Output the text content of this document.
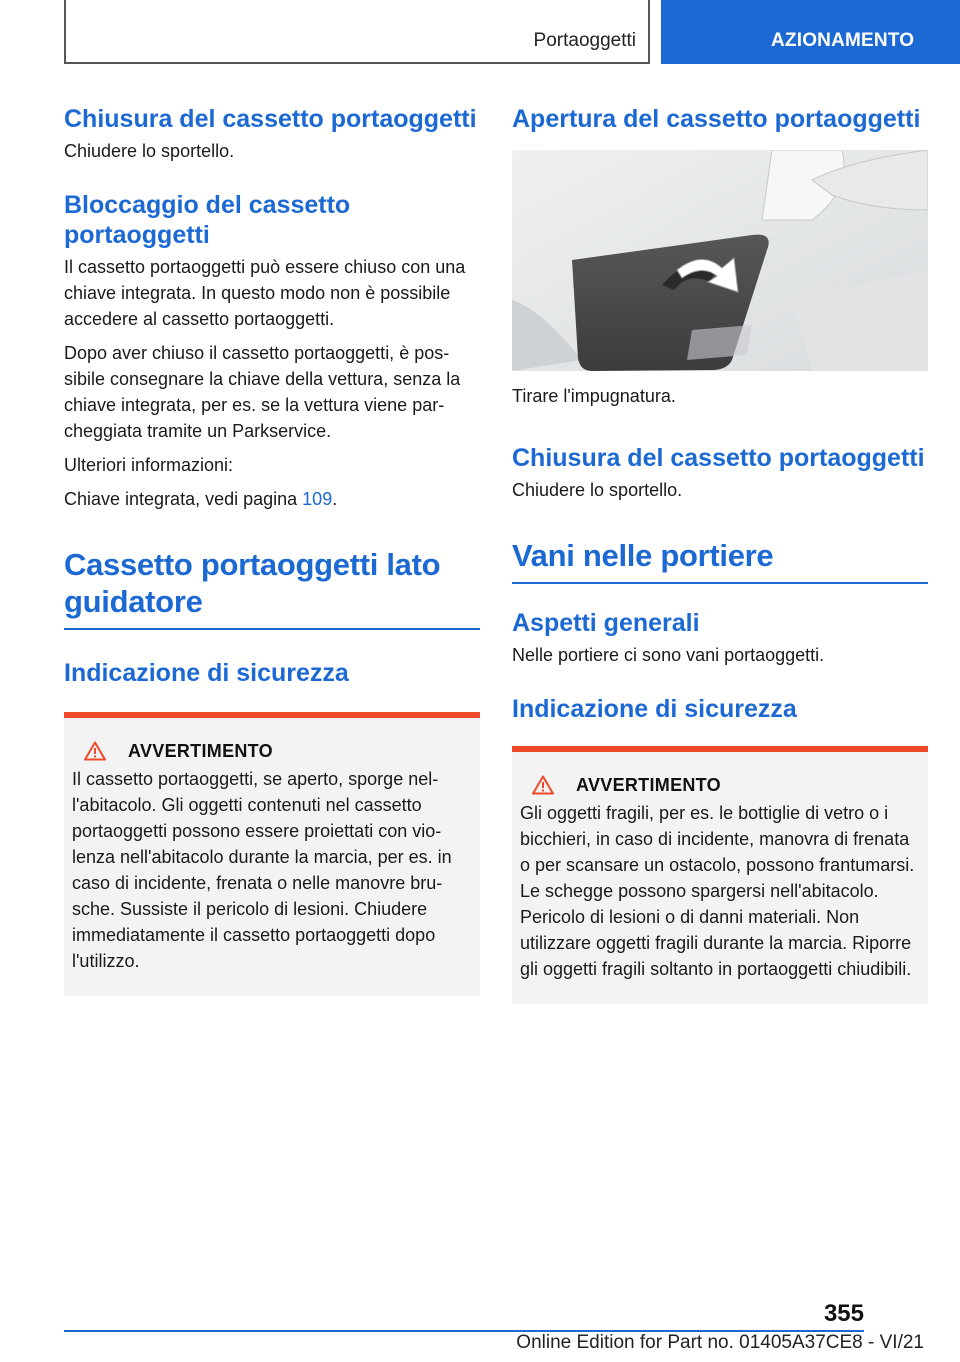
Portaoggetti	AZIONAMENTO
Chiusura del cassetto portaoggetti

Chiudere lo sportello.

Bloccaggio del cassetto portaoggetti

Il cassetto portaoggetti può essere chiuso con una chiave integrata. In questo modo non è possibile accedere al cassetto portaoggetti.

Dopo aver chiuso il cassetto portaoggetti, è possibile consegnare la chiave della vettura, senza la chiave integrata, per es. se la vettura viene parcheggiata tramite un Parkservice.

Ulteriori informazioni:

Chiave integrata, vedi pagina 109.

Cassetto portaoggetti lato guidatore
Indicazione di sicurezza
AVVERTIMENTO

Il cassetto portaoggetti, se aperto, sporge nell'abitacolo. Gli oggetti contenuti nel cassetto portaoggetti possono essere proiettati con violenza nell'abitacolo durante la marcia, per es. in caso di incidente, frenata o nelle manovre brusche. Sussiste il pericolo di lesioni. Chiudere immediatamente il cassetto portaoggetti dopo l'utilizzo.

Apertura del cassetto portaoggetti

Tirare l'impugnatura.

Chiusura del cassetto portaoggetti

Chiudere lo sportello.

Vani nelle portiere
Aspetti generali

Nelle portiere ci sono vani portaoggetti.

Indicazione di sicurezza
AVVERTIMENTO

Gli oggetti fragili, per es. le bottiglie di vetro o i bicchieri, in caso di incidente, manovra di frenata o per scansare un ostacolo, possono frantumarsi. Le schegge possono spargersi nell'abitacolo. Pericolo di lesioni o di danni materiali. Non utilizzare oggetti fragili durante la marcia. Riporre gli oggetti fragili soltanto in portaoggetti chiudibili.

355
Online Edition for Part no. 01405A37CE8 - VI/21
